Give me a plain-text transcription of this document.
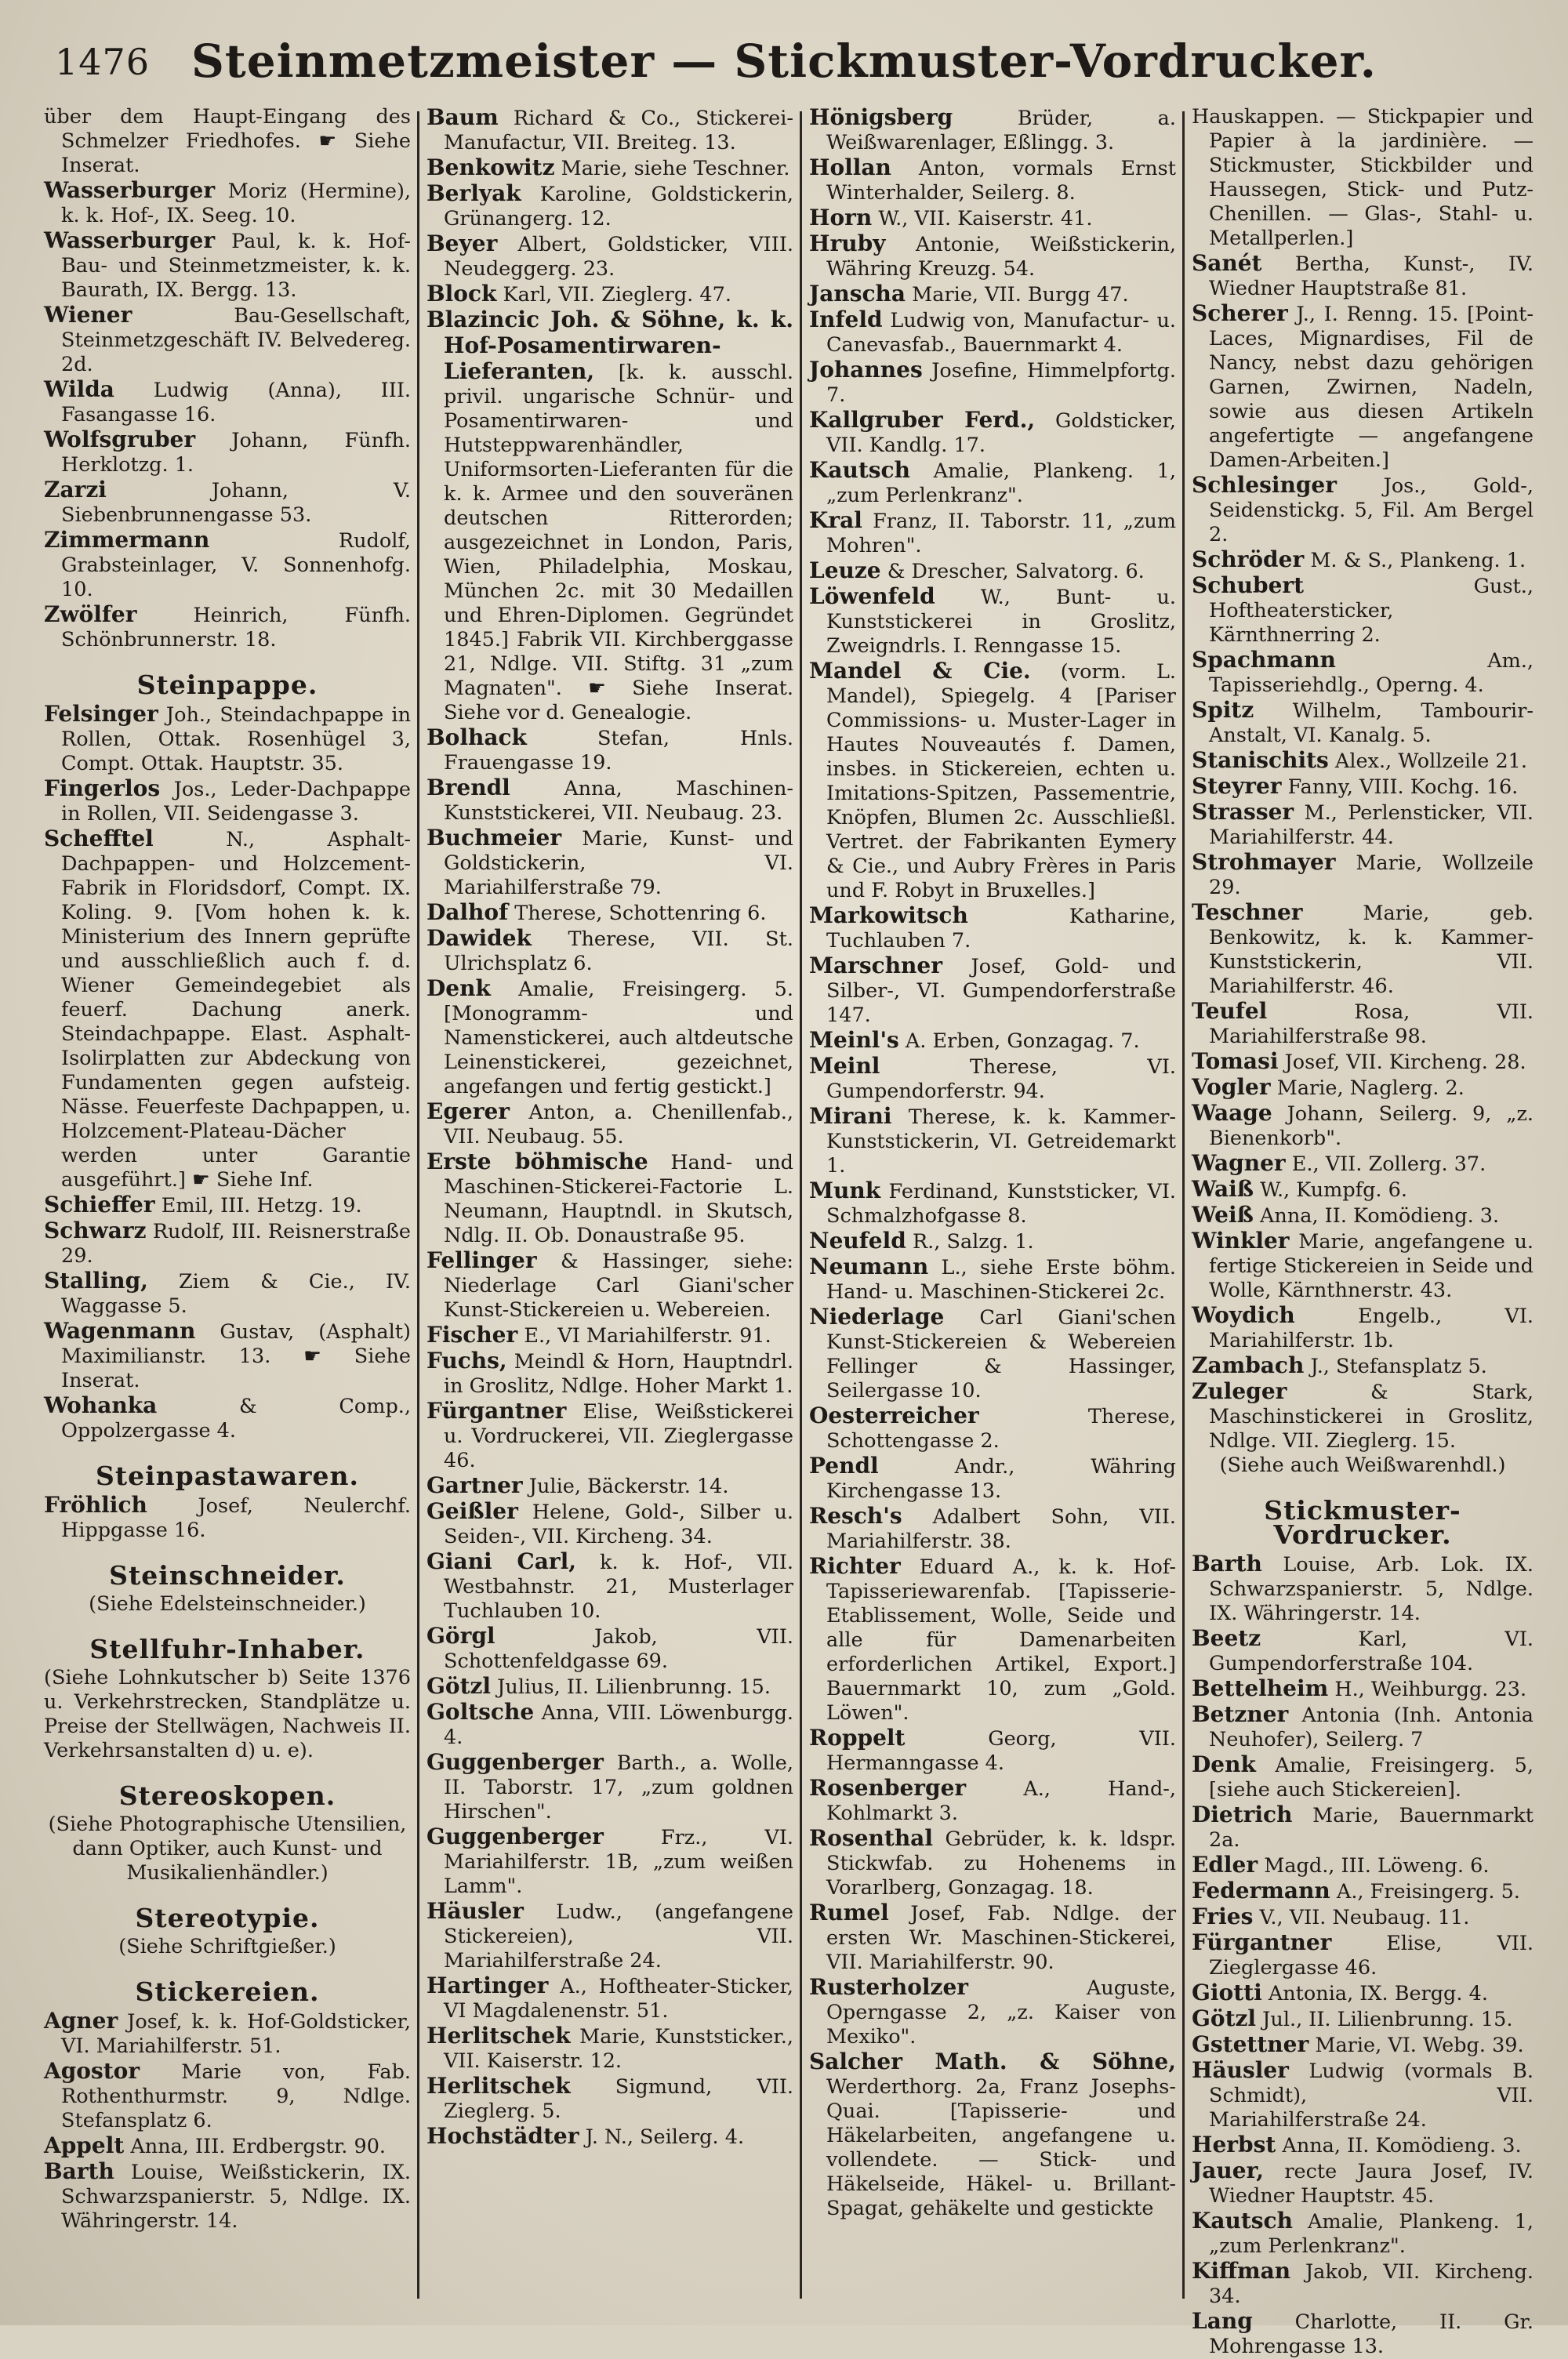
Steinmetzmeister — Stickmuster-Vordrucker.
1476
über dem Haupt-Eingang des Schmelzer Friedhofes. ☛ Siehe Inserat.
Wasserburger Moriz (Hermine), k. k. Hof-, IX. Seeg. 10.
Wasserburger Paul, k. k. Hof-Bau- und Steinmetzmeister, k. k. Baurath, IX. Bergg. 13.
Wiener	Bau-Gesellschaft, Steinmetzgeschäft IV. Belvedereg. 2d.
Wilda Ludwig (Anna), III. Fasangasse 16.
Wolfsgruber Johann, Fünfh. Herklotzg. 1.
Zarzi	Johann, V. Siebenbrunnengasse 53.
Zimmermann	Rudolf, Grabsteinlager, V. Sonnenhofg. 10.
Zwölfer	Heinrich, Fünfh. Schönbrunnerstr. 18.
Steinpappe.
Felsinger Joh., Steindachpappe in Rollen, Ottak. Rosenhügel 3, Compt. Ottak. Hauptstr. 35.
Fingerlos Jos., Leder-Dachpappe in Rollen, VII. Seidengasse 3.
Schefftel	N., Asphalt-Dachpappen- und Holzcement-Fabrik in Floridsdorf, Compt. IX. Koling. 9. [Vom hohen k. k. Ministerium des Innern geprüfte und ausschließlich auch f. d. Wiener Gemeindegebiet als feuerf. Dachung anerk. Steindachpappe. Elast. Asphalt-Isolirplatten zur Abdeckung von Fundamenten gegen aufsteig. Nässe. Feuerfeste Dachpappen, u. Holzcement-Plateau-Dächer werden unter Garantie ausgeführt.] ☛ Siehe Inf.
Schieffer Emil, III. Hetzg. 19.
Schwarz Rudolf, III. Reisnerstraße 29.
Stalling, Ziem & Cie., IV. Waggasse 5.
Wagenmann Gustav, (Asphalt) Maximilianstr. 13. ☛ Siehe Inserat.
Wohanka	& Comp., Oppolzergasse 4.
Steinpastawaren.
Fröhlich	Josef, Neulerchf. Hippgasse 16.
Steinschneider.
(Siehe Edelsteinschneider.)
Stellfuhr-Inhaber.
(Siehe Lohnkutscher b) Seite 1376 u. Verkehrstrecken, Standplätze u. Preise der Stellwägen, Nachweis II. Verkehrsanstalten d) u. e).
Stereoskopen.
(Siehe Photographische Utensilien, dann Optiker, auch Kunst- und Musikalienhändler.)
Stereotypie.
(Siehe Schriftgießer.)
Stickereien.
Agner Josef, k. k. Hof-Goldsticker, VI. Mariahilferstr. 51.
Agostor Marie von, Fab. Rothenthurmstr. 9, Ndlge. Stefansplatz 6.
Appelt Anna, III. Erdbergstr. 90.
Barth Louise, Weißstickerin, IX. Schwarzspanierstr. 5, Ndlge. IX. Währingerstr. 14.
Baum Richard & Co., Stickerei-Manufactur, VII. Breiteg. 13.
Benkowitz Marie, siehe Teschner.
Berlyak Karoline, Goldstickerin, Grünangerg. 12.
Beyer Albert, Goldsticker, VIII. Neudeggerg. 23.
Block Karl, VII. Zieglerg. 47.
Blazincic Joh. & Söhne, k. k. Hof-Posamentirwaren-Lieferanten, [k. k. ausschl. privil. ungarische Schnür- und Posamentirwaren- und Hutsteppwarenhändler, Uniformsorten-Lieferanten für die k. k. Armee und den souveränen deutschen Ritterorden; ausgezeichnet in London, Paris, Wien, Philadelphia, Moskau, München 2c. mit 30 Medaillen und Ehren-Diplomen. Gegründet 1845.] Fabrik VII. Kirchberggasse 21, Ndlge. VII. Stiftg. 31 „zum Magnaten". ☛ Siehe Inserat. Siehe vor d. Genealogie.
Bolhack	Stefan, Hnls. Frauengasse 19.
Brendl	Anna, Maschinen-Kunststickerei, VII. Neubaug. 23.
Buchmeier Marie, Kunst- und Goldstickerin, VI. Mariahilferstraße 79.
Dalhof Therese, Schottenring 6.
Dawidek Therese, VII. St. Ulrichsplatz 6.
Denk Amalie, Freisingerg. 5. [Monogramm- und Namenstickerei, auch altdeutsche Leinenstickerei, gezeichnet, angefangen und fertig gestickt.]
Egerer Anton, a. Chenillenfab., VII. Neubaug. 55.
Erste böhmische Hand- und Maschinen-Stickerei-Factorie L. Neumann, Hauptndl. in Skutsch, Ndlg. II. Ob. Donaustraße 95.
Fellinger & Hassinger, siehe: Niederlage Carl Giani'scher Kunst-Stickereien u. Webereien.
Fischer E., VI Mariahilferstr. 91.
Fuchs, Meindl & Horn, Hauptndrl. in Groslitz, Ndlge. Hoher Markt 1.
Fürgantner Elise, Weißstickerei u. Vordruckerei, VII. Zieglergasse 46.
Gartner Julie, Bäckerstr. 14.
Geißler Helene, Gold-, Silber u. Seiden-, VII. Kircheng. 34.
Giani Carl, k. k. Hof-, VII. Westbahnstr. 21, Musterlager Tuchlauben 10.
Görgl	Jakob, VII. Schottenfeldgasse 69.
Götzl Julius, II. Lilienbrunng. 15.
Goltsche Anna, VIII. Löwenburgg. 4.
Guggenberger Barth., a. Wolle, II. Taborstr. 17, „zum goldnen Hirschen".
Guggenberger	Frz., VI. Mariahilferstr. 1B, „zum weißen Lamm".
Häusler Ludw., (angefangene Stickereien), VII. Mariahilferstraße 24.
Hartinger A., Hoftheater-Sticker, VI Magdalenenstr. 51.
Herlitschek Marie, Kunststicker., VII. Kaiserstr. 12.
Herlitschek Sigmund, VII. Zieglerg. 5.
Hochstädter J. N., Seilerg. 4.
Hönigsberg	Brüder, a. Weißwarenlager, Eßlingg. 3.
Hollan Anton, vormals Ernst Winterhalder, Seilerg. 8.
Horn W., VII. Kaiserstr. 41.
Hruby Antonie, Weißstickerin, Währing Kreuzg. 54.
Janscha Marie, VII. Burgg 47.
Infeld Ludwig von, Manufactur- u. Canevasfab., Bauernmarkt 4.
Johannes Josefine, Himmelpfortg. 7.
Kallgruber Ferd., Goldsticker, VII. Kandlg. 17.
Kautsch Amalie, Plankeng. 1, „zum Perlenkranz".
Kral Franz, II. Taborstr. 11, „zum Mohren".
Leuze & Drescher, Salvatorg. 6.
Löwenfeld W., Bunt- u. Kunststickerei in Groslitz, Zweigndrls. I. Renngasse 15.
Mandel & Cie. (vorm. L. Mandel), Spiegelg. 4 [Pariser Commissions- u. Muster-Lager in Hautes Nouveautés f. Damen, insbes. in Stickereien, echten u. Imitations-Spitzen, Passementrie, Knöpfen, Blumen 2c. Ausschließl. Vertret. der Fabrikanten Eymery & Cie., und Aubry Frères in Paris und F. Robyt in Bruxelles.]
Markowitsch	Katharine, Tuchlauben 7.
Marschner Josef, Gold- und Silber-, VI. Gumpendorferstraße 147.
Meinl's A. Erben, Gonzagag. 7.
Meinl	Therese, VI. Gumpendorferstr. 94.
Mirani Therese, k. k. Kammer-Kunststickerin, VI. Getreidemarkt 1.
Munk Ferdinand, Kunststicker, VI. Schmalzhofgasse 8.
Neufeld R., Salzg. 1.
Neumann L., siehe Erste böhm. Hand- u. Maschinen-Stickerei 2c.
Niederlage Carl Giani'schen Kunst-Stickereien & Webereien Fellinger & Hassinger, Seilergasse 10.
Oesterreicher	Therese, Schottengasse 2.
Pendl	Andr., Währing Kirchengasse 13.
Resch's Adalbert Sohn, VII. Mariahilferstr. 38.
Richter Eduard A., k. k. Hof-Tapisseriewarenfab. [Tapisserie-Etablissement, Wolle, Seide und alle für Damenarbeiten erforderlichen Artikel, Export.] Bauernmarkt 10, zum „Gold. Löwen".
Roppelt	Georg, VII. Hermanngasse 4.
Rosenberger	A., Hand-, Kohlmarkt 3.
Rosenthal Gebrüder, k. k. ldspr. Stickwfab. zu Hohenems in Vorarlberg, Gonzagag. 18.
Rumel Josef, Fab. Ndlge. der ersten Wr. Maschinen-Stickerei, VII. Mariahilferstr. 90.
Rusterholzer	Auguste, Operngasse 2, „z. Kaiser von Mexiko".
Salcher Math. & Söhne, Werderthorg. 2a, Franz Josephs-Quai. [Tapisserie- und Häkelarbeiten, angefangene u. vollendete. — Stick- und Häkelseide, Häkel- u. Brillant-Spagat, gehäkelte und gestickte
Hauskappen. — Stickpapier und Papier à la jardinière. — Stickmuster, Stickbilder und Haussegen, Stick- und Putz-Chenillen. — Glas-, Stahl- u. Metallperlen.]
Sanét Bertha, Kunst-, IV. Wiedner Hauptstraße 81.
Scherer J., I. Renng. 15. [Point-Laces, Mignardises, Fil de Nancy, nebst dazu gehörigen Garnen, Zwirnen, Nadeln, sowie aus diesen Artikeln angefertigte — angefangene Damen-Arbeiten.]
Schlesinger Jos., Gold-, Seidenstickg. 5, Fil. Am Bergel 2.
Schröder M. & S., Plankeng. 1.
Schubert	Gust., Hoftheatersticker, Kärnthnerring 2.
Spachmann	Am., Tapisseriehdlg., Operng. 4.
Spitz Wilhelm, Tambourir-Anstalt, VI. Kanalg. 5.
Stanischits Alex., Wollzeile 21.
Steyrer Fanny, VIII. Kochg. 16.
Strasser M., Perlensticker, VII. Mariahilferstr. 44.
Strohmayer Marie, Wollzeile 29.
Teschner	Marie, geb. Benkowitz, k. k. Kammer-Kunststickerin, VII. Mariahilferstr. 46.
Teufel	Rosa, VII. Mariahilferstraße 98.
Tomasi Josef, VII. Kircheng. 28.
Vogler Marie, Naglerg. 2.
Waage Johann, Seilerg. 9, „z. Bienenkorb".
Wagner E., VII. Zollerg. 37.
Waiß W., Kumpfg. 6.
Weiß Anna, II. Komödieng. 3.
Winkler Marie, angefangene u. fertige Stickereien in Seide und Wolle, Kärnthnerstr. 43.
Woydich	Engelb., VI. Mariahilferstr. 1b.
Zambach J., Stefansplatz 5.
Zuleger	& Stark, Maschinstickerei in Groslitz, Ndlge. VII. Zieglerg. 15.
(Siehe auch Weißwarenhdl.)
Stickmuster-Vordrucker.
Barth Louise, Arb. Lok. IX. Schwarzspanierstr. 5, Ndlge. IX. Währingerstr. 14.
Beetz	Karl, VI. Gumpendorferstraße 104.
Bettelheim H., Weihburgg. 23.
Betzner Antonia (Inh. Antonia Neuhofer), Seilerg. 7
Denk Amalie, Freisingerg. 5, [siehe auch Stickereien].
Dietrich Marie, Bauernmarkt 2a.
Edler Magd., III. Löweng. 6.
Federmann A., Freisingerg. 5.
Fries V., VII. Neubaug. 11.
Fürgantner	Elise, VII. Zieglergasse 46.
Giotti Antonia, IX. Bergg. 4.
Götzl Jul., II. Lilienbrunng. 15.
Gstettner Marie, VI. Webg. 39.
Häusler Ludwig (vormals B. Schmidt), VII. Mariahilferstraße 24.
Herbst Anna, II. Komödieng. 3.
Jauer, recte Jaura Josef, IV. Wiedner Hauptstr. 45.
Kautsch Amalie, Plankeng. 1, „zum Perlenkranz".
Kiffman Jakob, VII. Kircheng. 34.
Lang Charlotte, II. Gr. Mohrengasse 13.
